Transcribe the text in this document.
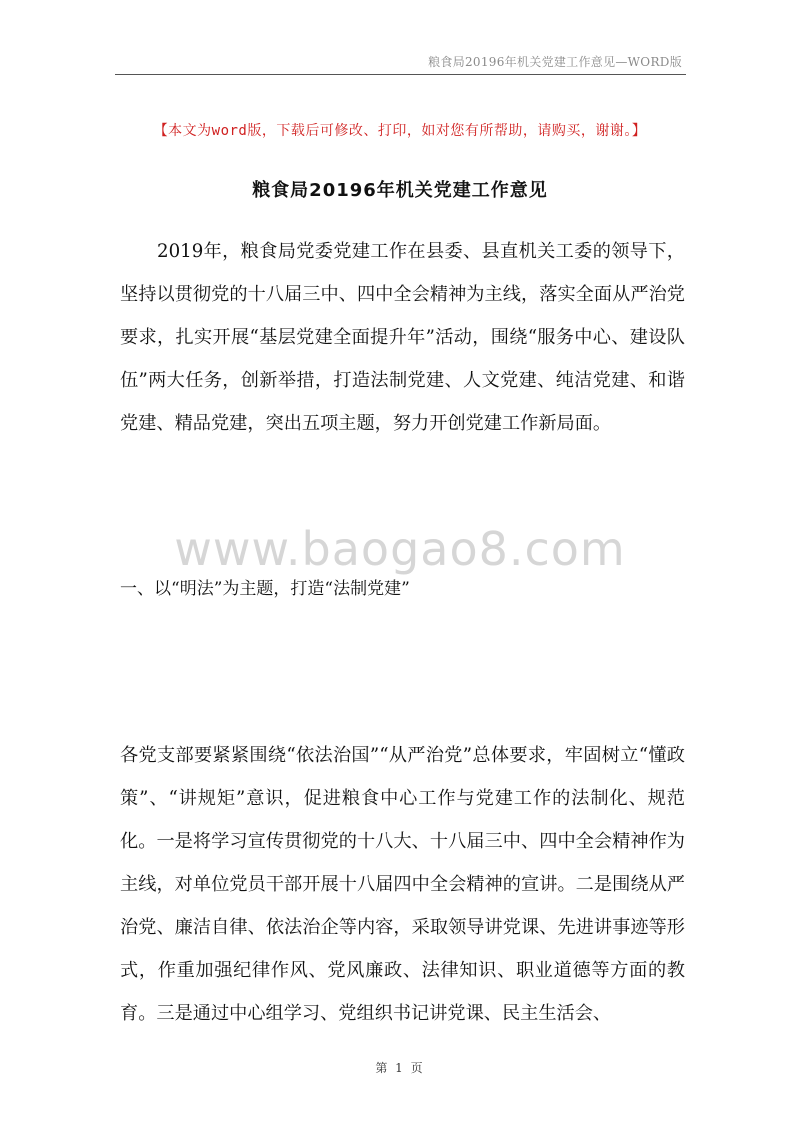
粮食局20196年机关党建工作意见—WORD版
【本文为word版，下载后可修改、打印，如对您有所帮助，请购买，谢谢。】
粮食局20196年机关党建工作意见
2019年，粮食局党委党建工作在县委、县直机关工委的领导下，坚持以贯彻党的十八届三中、四中全会精神为主线，落实全面从严治党要求，扎实开展“基层党建全面提升年”活动，围绕“服务中心、建设队伍”两大任务，创新举措，打造法制党建、人文党建、纯洁党建、和谐党建、精品党建，突出五项主题，努力开创党建工作新局面。
www.baogao8.com
一、以“明法”为主题，打造“法制党建”
各党支部要紧紧围绕“依法治国”“从严治党”总体要求，牢固树立“懂政策”、“讲规矩”意识，促进粮食中心工作与党建工作的法制化、规范化。一是将学习宣传贯彻党的十八大、十八届三中、四中全会精神作为主线，对单位党员干部开展十八届四中全会精神的宣讲。二是围绕从严治党、廉洁自律、依法治企等内容，采取领导讲党课、先进讲事迹等形式，作重加强纪律作风、党风廉政、法律知识、职业道德等方面的教育。三是通过中心组学习、党组织书记讲党课、民主生活会、
第 1 页
